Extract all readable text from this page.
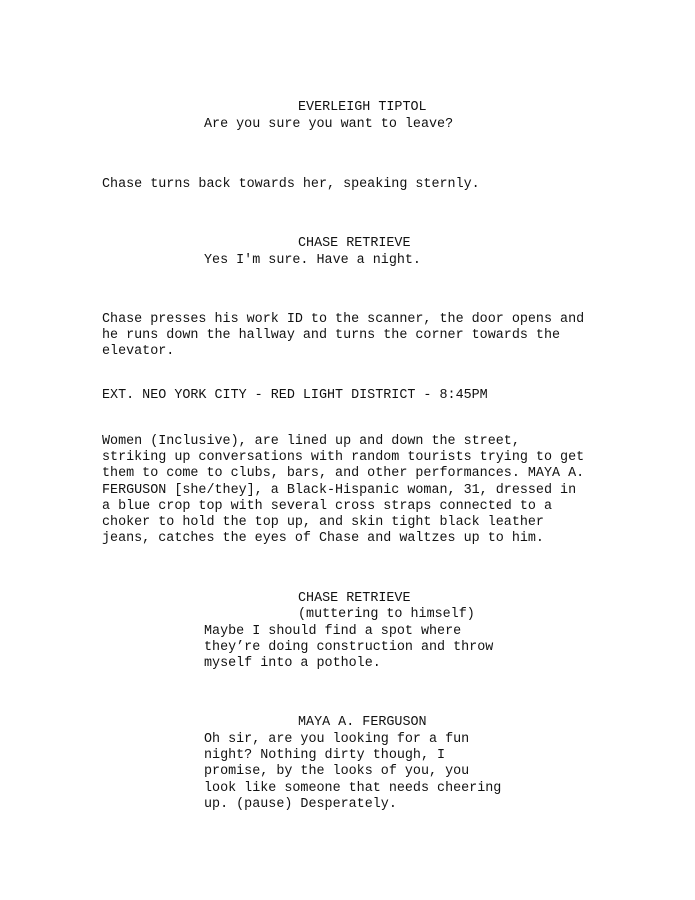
EVERLEIGH TIPTOL

Are you sure you want to leave?

Chase turns back towards her, speaking sternly.

CHASE RETRIEVE

Yes I'm sure. Have a night.

Chase presses his work ID to the scanner, the door opens and
he runs down the hallway and turns the corner towards the
elevator.

EXT. NEO YORK CITY - RED LIGHT DISTRICT - 8:45PM

Women (Inclusive), are lined up and down the street,
striking up conversations with random tourists trying to get
them to come to clubs, bars, and other performances. MAYA A.
FERGUSON [she/they], a Black-Hispanic woman, 31, dressed in
a blue crop top with several cross straps connected to a
choker to hold the top up, and skin tight black leather
jeans, catches the eyes of Chase and waltzes up to him.

CHASE RETRIEVE

(muttering to himself)

Maybe I should find a spot where
they’re doing construction and throw
myself into a pothole.

MAYA A. FERGUSON

Oh sir, are you looking for a fun
night? Nothing dirty though, I
promise, by the looks of you, you
look like someone that needs cheering
up. (pause) Desperately.
